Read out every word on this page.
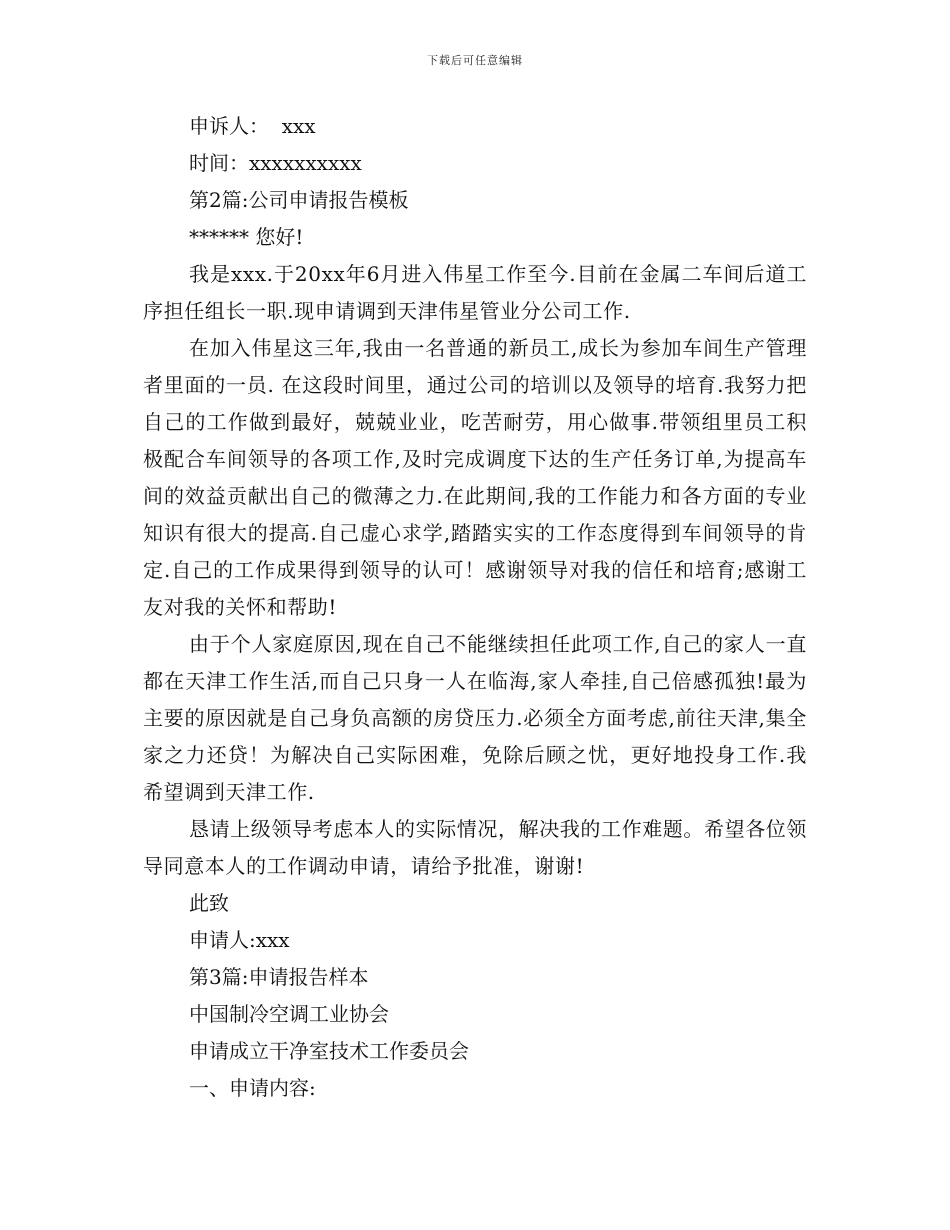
下载后可任意编辑

申诉人：  xxx

时间：xxxxxxxxxx

第2篇:公司申请报告模板

****** 您好!

我是xxx.于20xx年6月进入伟星工作至今.目前在金属二车间后道工序担任组长一职.现申请调到天津伟星管业分公司工作.

在加入伟星这三年,我由一名普通的新员工,成长为参加车间生产管理者里面的一员. 在这段时间里，通过公司的培训以及领导的培育.我努力把自己的工作做到最好，兢兢业业，吃苦耐劳，用心做事.带领组里员工积极配合车间领导的各项工作,及时完成调度下达的生产任务订单,为提高车间的效益贡献出自己的微薄之力.在此期间,我的工作能力和各方面的专业知识有很大的提高.自己虚心求学,踏踏实实的工作态度得到车间领导的肯定.自己的工作成果得到领导的认可！感谢领导对我的信任和培育;感谢工友对我的关怀和帮助!

由于个人家庭原因,现在自己不能继续担任此项工作,自己的家人一直都在天津工作生活,而自己只身一人在临海,家人牵挂,自己倍感孤独!最为主要的原因就是自己身负高额的房贷压力.必须全方面考虑,前往天津,集全家之力还贷！为解决自己实际困难，免除后顾之忧，更好地投身工作.我希望调到天津工作.

恳请上级领导考虑本人的实际情况，解决我的工作难题。希望各位领导同意本人的工作调动申请，请给予批准，谢谢!

此致

申请人:xxx

第3篇:申请报告样本

中国制冷空调工业协会

申请成立干净室技术工作委员会

一、申请内容:
